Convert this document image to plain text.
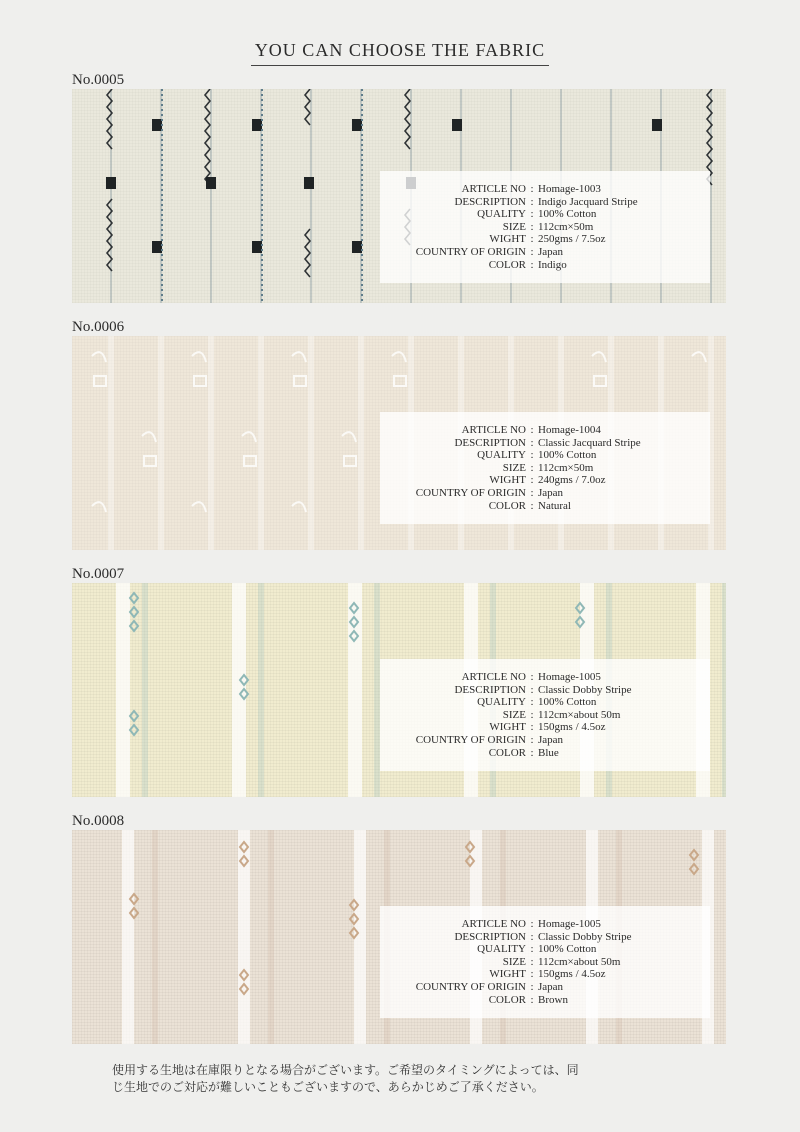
YOU CAN CHOOSE THE FABRIC
No.0005
ARTICLE NO : Homage-1003
DESCRIPTION : Indigo Jacquard Stripe
QUALITY : 100% Cotton
SIZE : 112cm×50m
WIGHT : 250gms / 7.5oz
COUNTRY OF ORIGIN : Japan
COLOR : Indigo
No.0006
ARTICLE NO : Homage-1004
DESCRIPTION : Classic Jacquard Stripe
QUALITY : 100% Cotton
SIZE : 112cm×50m
WIGHT : 240gms / 7.0oz
COUNTRY OF ORIGIN : Japan
COLOR : Natural
No.0007
ARTICLE NO : Homage-1005
DESCRIPTION : Classic Dobby Stripe
QUALITY : 100% Cotton
SIZE : 112cm×about 50m
WIGHT : 150gms / 4.5oz
COUNTRY OF ORIGIN : Japan
COLOR : Blue
No.0008
ARTICLE NO : Homage-1005
DESCRIPTION : Classic Dobby Stripe
QUALITY : 100% Cotton
SIZE : 112cm×about 50m
WIGHT : 150gms / 4.5oz
COUNTRY OF ORIGIN : Japan
COLOR : Brown

使用する生地は在庫限りとなる場合がございます。ご希望のタイミングによっては、同

じ生地でのご対応が難しいこともございますので、あらかじめご了承ください。
